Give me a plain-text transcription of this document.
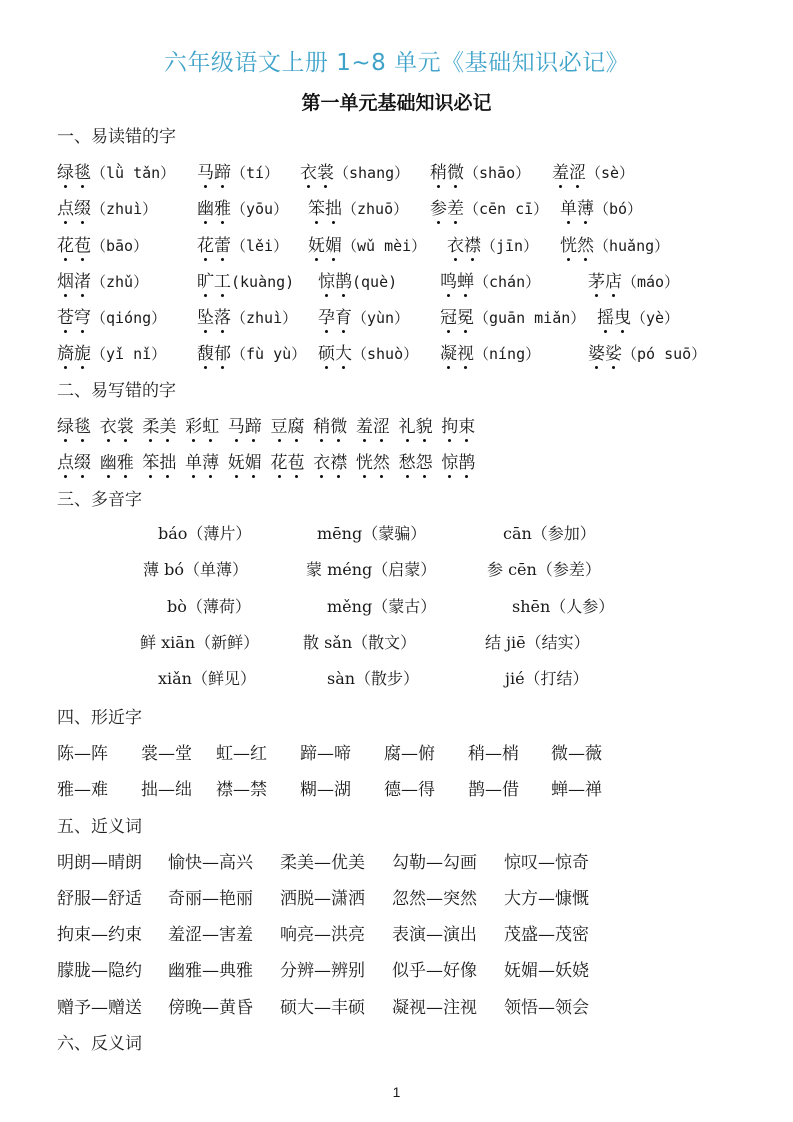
六年级语文上册 1~8 单元《基础知识必记》
第一单元基础知识必记
一、易读错的字
绿毯（lǜ tǎn） 马蹄（tí） 衣裳（shang） 稍微（shāo） 羞涩（sè）
点缀（zhuì） 幽雅（yōu） 笨拙（zhuō） 参差（cēn cī） 单薄（bó）
花苞（bāo）	花蕾（lěi） 妩媚（wǔ mèi） 衣襟（jīn） 恍然（huǎng）
烟渚（zhǔ）	旷工(kuàng) 惊鹊(què)	鸣蝉（chán）	茅店（máo）
苍穹（qióng） 坠落（zhuì） 孕育（yùn） 冠冕（guān miǎn） 摇曳（yè）
旖旎（yǐ nǐ） 馥郁（fù yù） 硕大（shuò） 凝视（níng）	婆娑（pó suō）
二、易写错的字
绿毯 衣裳 柔美 彩虹 马蹄 豆腐 稍微 羞涩 礼貌 拘束
点缀 幽雅 笨拙 单薄 妩媚 花苞 衣襟 恍然 愁怨 惊鹊
三、多音字
báo（薄片）	mēng（蒙骗）	cān（参加）
薄 bó（单薄）	蒙 méng（启蒙）	参 cēn（参差）
bò（薄荷）	měng（蒙古）	shēn（人参）
鲜 xiān（新鲜）	散 sǎn（散文）	结 jiē（结实）
xiǎn（鲜见）	sàn（散步）	jié（打结）
四、形近字
陈—阵 裳—堂 虹—红 蹄—啼 腐—俯 稍—梢 微—薇
雅—难 拙—绌 襟—禁 糊—湖 德—得 鹊—借 蝉—禅
五、近义词
明朗—晴朗 愉快—高兴 柔美—优美 勾勒—勾画 惊叹—惊奇
舒服—舒适 奇丽—艳丽 洒脱—潇洒 忽然—突然 大方—慷慨
拘束—约束 羞涩—害羞 响亮—洪亮 表演—演出 茂盛—茂密
朦胧—隐约 幽雅—典雅 分辨—辨别 似乎—好像 妩媚—妖娆
赠予—赠送 傍晚—黄昏 硕大—丰硕 凝视—注视 领悟—领会
六、反义词
1
